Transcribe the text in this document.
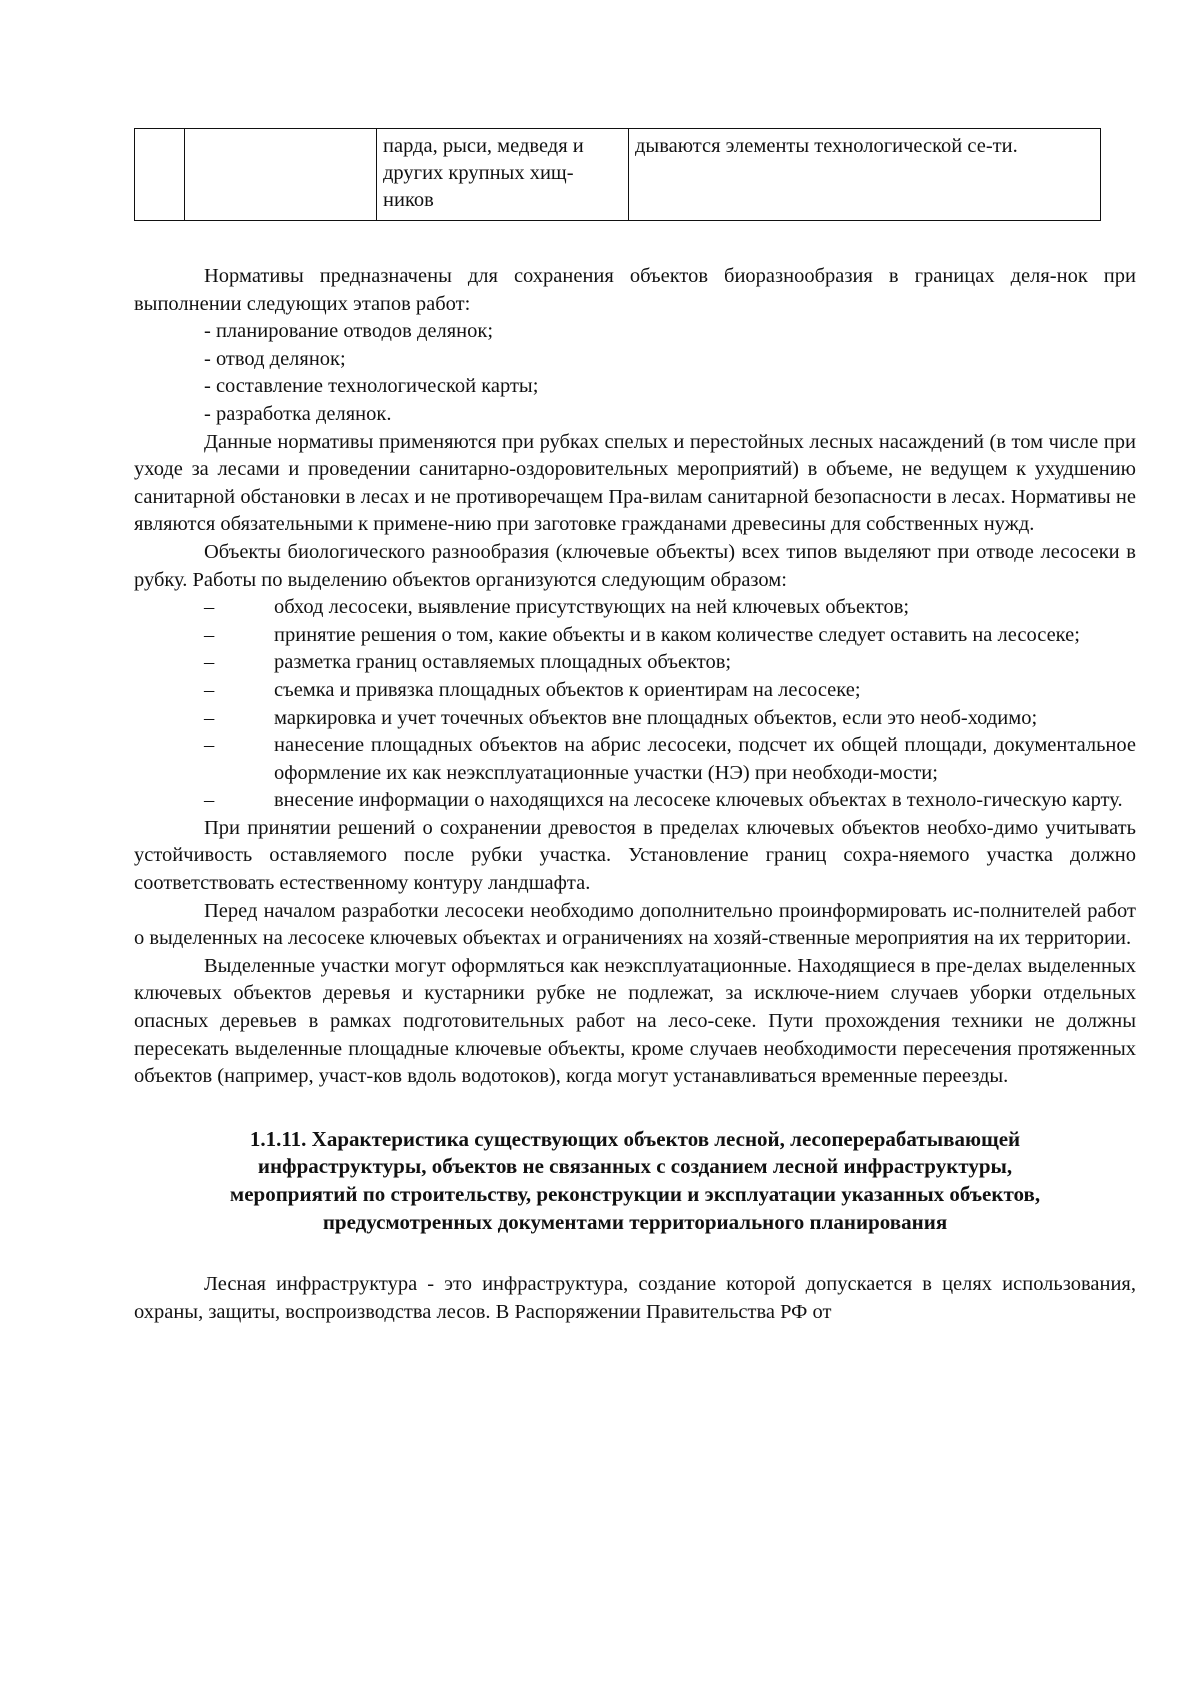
		парда, рыси, медведя и других крупных хищ-ников	дываются элементы технологической се-ти.

Нормативы предназначены для сохранения объектов биоразнообразия в границах деля-нок при выполнении следующих этапов работ:

- планирование отводов делянок;

- отвод делянок;

- составление технологической карты;

- разработка делянок.

Данные нормативы применяются при рубках спелых и перестойных лесных насаждений (в том числе при уходе за лесами и проведении санитарно-оздоровительных мероприятий) в объеме, не ведущем к ухудшению санитарной обстановки в лесах и не противоречащем Пра-вилам санитарной безопасности в лесах. Нормативы не являются обязательными к примене-нию при заготовке гражданами древесины для собственных нужд.

Объекты биологического разнообразия (ключевые объекты) всех типов выделяют при отводе лесосеки в рубку. Работы по выделению объектов организуются следующим образом:

–	обход лесосеки, выявление присутствующих на ней ключевых объектов;

–	принятие решения о том, какие объекты и в каком количестве следует оставить на лесосеке;

–	разметка границ оставляемых площадных объектов;

–	съемка и привязка площадных объектов к ориентирам на лесосеке;

–	маркировка и учет точечных объектов вне площадных объектов, если это необ-ходимо;

–	нанесение площадных объектов на абрис лесосеки, подсчет их общей площади, документальное оформление их как неэксплуатационные участки (НЭ) при необходи-мости;

–	внесение информации о находящихся на лесосеке ключевых объектах в техноло-гическую карту.

При принятии решений о сохранении древостоя в пределах ключевых объектов необхо-димо учитывать устойчивость оставляемого после рубки участка. Установление границ сохра-няемого участка должно соответствовать естественному контуру ландшафта.

Перед началом разработки лесосеки необходимо дополнительно проинформировать ис-полнителей работ о выделенных на лесосеке ключевых объектах и ограничениях на хозяй-ственные мероприятия на их территории.

Выделенные участки могут оформляться как неэксплуатационные. Находящиеся в пре-делах выделенных ключевых объектов деревья и кустарники рубке не подлежат, за исключе-нием случаев уборки отдельных опасных деревьев в рамках подготовительных работ на лесо-секе. Пути прохождения техники не должны пересекать выделенные площадные ключевые объекты, кроме случаев необходимости пересечения протяженных объектов (например, участ-ков вдоль водотоков), когда могут устанавливаться временные переезды.

1.1.11. Характеристика существующих объектов лесной, лесоперерабатывающей инфраструктуры, объектов не связанных с созданием лесной инфраструктуры, мероприятий по строительству, реконструкции и эксплуатации указанных объектов, предусмотренных документами территориального планирования

Лесная инфраструктура - это инфраструктура, создание которой допускается в целях использования, охраны, защиты, воспроизводства лесов. В Распоряжении Правительства РФ от
